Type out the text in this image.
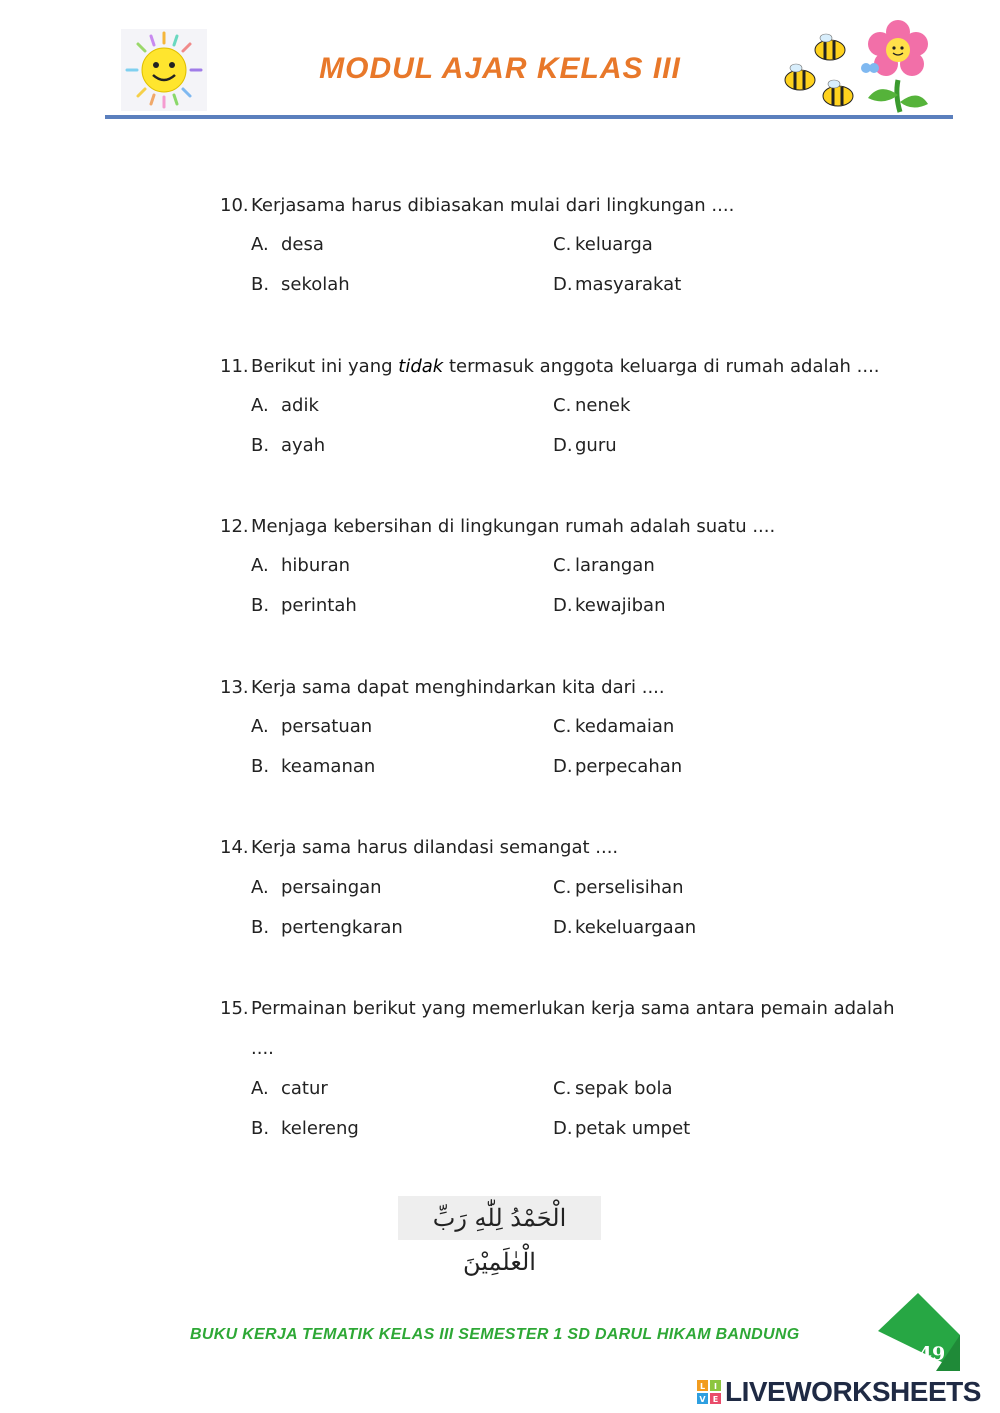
MODUL AJAR KELAS III
10. Kerjasama harus dibiasakan mulai dari lingkungan ....
A. desa
B. sekolah
C. keluarga
D. masyarakat
11. Berikut ini yang tidak termasuk anggota keluarga di rumah adalah ....
A. adik
B. ayah
C. nenek
D. guru
12. Menjaga kebersihan di lingkungan rumah adalah suatu ....
A. hiburan
B. perintah
C. larangan
D. kewajiban
13. Kerja sama dapat menghindarkan kita dari ....
A. persatuan
B. keamanan
C. kedamaian
D. perpecahan
14. Kerja sama harus dilandasi semangat ....
A. persaingan
B. pertengkaran
C. perselisihan
D. kekeluargaan
15. Permainan berikut yang memerlukan kerja sama antara pemain adalah
....
A. catur
B. kelereng
C. sepak bola
D. petak umpet
الْحَمْدُ لِلّٰهِ رَبِّ الْعٰلَمِيْنَ
BUKU KERJA TEMATIK KELAS III SEMESTER 1 SD DARUL HIKAM BANDUNG
49
L I
V E LIVEWORKSHEETS
